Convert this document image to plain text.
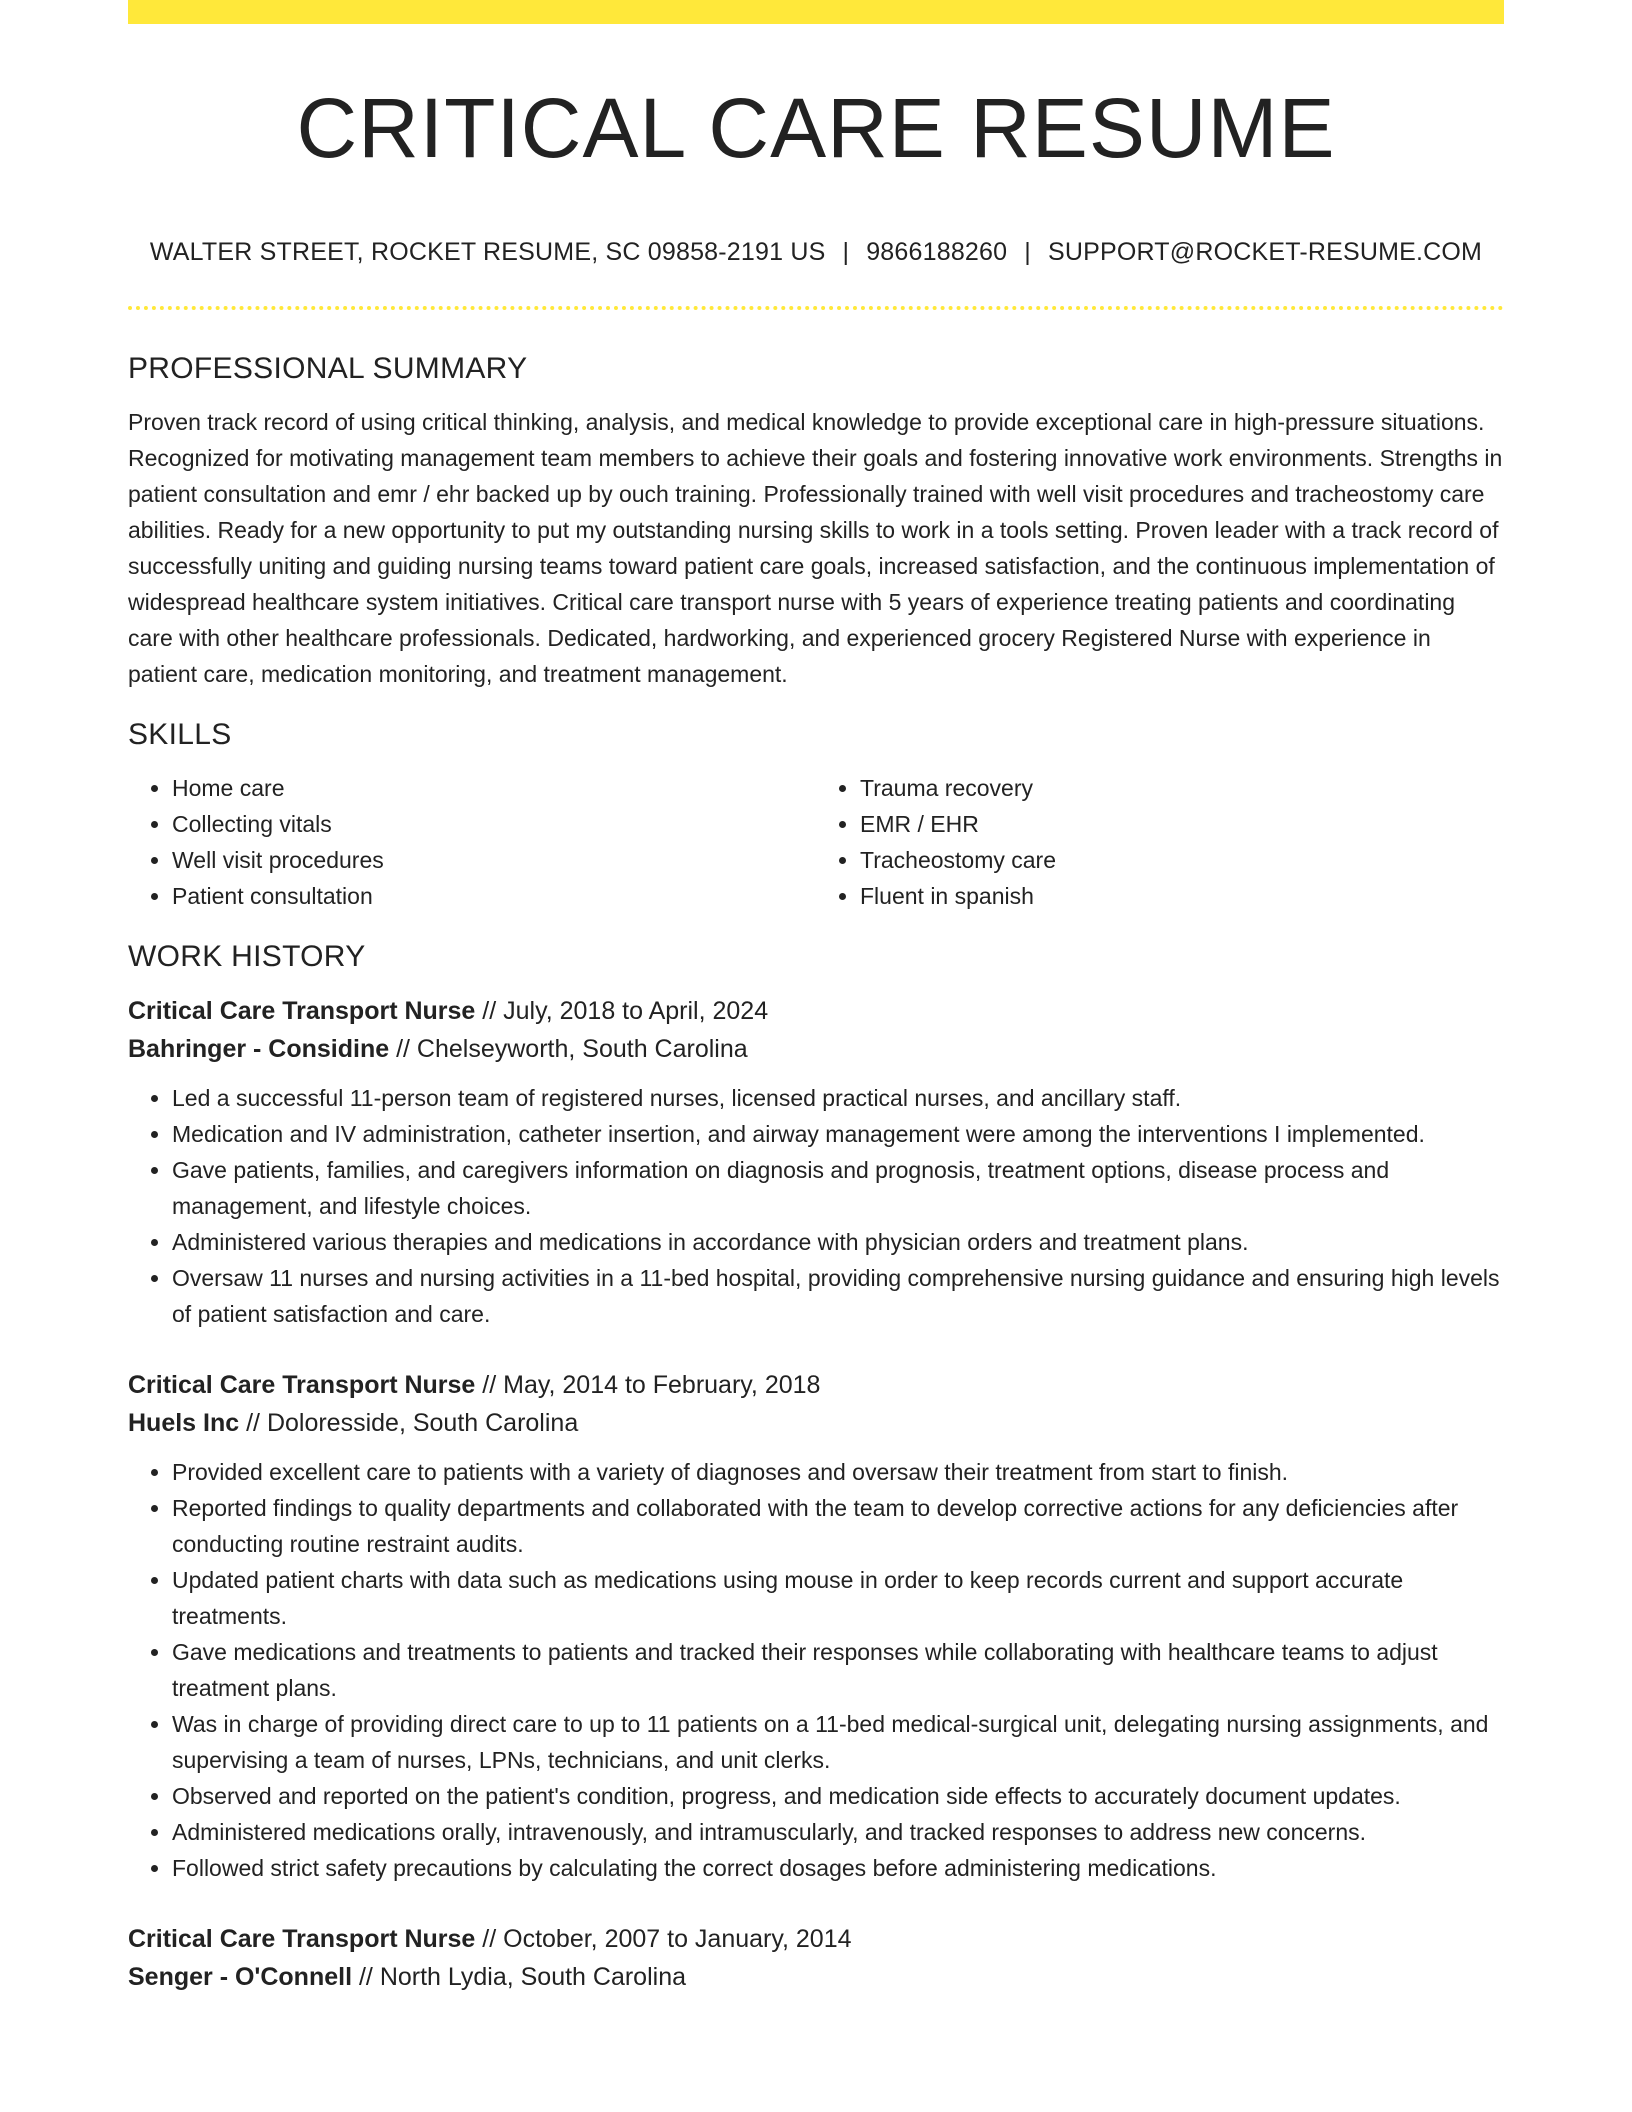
CRITICAL CARE RESUME
WALTER STREET, ROCKET RESUME, SC 09858-2191 US | 9866188260 | SUPPORT@ROCKET-RESUME.COM
PROFESSIONAL SUMMARY

Proven track record of using critical thinking, analysis, and medical knowledge to provide exceptional care in high-pressure situations. Recognized for motivating management team members to achieve their goals and fostering innovative work environments. Strengths in patient consultation and emr / ehr backed up by ouch training. Professionally trained with well visit procedures and tracheostomy care abilities. Ready for a new opportunity to put my outstanding nursing skills to work in a tools setting. Proven leader with a track record of successfully uniting and guiding nursing teams toward patient care goals, increased satisfaction, and the continuous implementation of widespread healthcare system initiatives. Critical care transport nurse with 5 years of experience treating patients and coordinating care with other healthcare professionals. Dedicated, hardworking, and experienced grocery Registered Nurse with experience in patient care, medication monitoring, and treatment management.

SKILLS
• Home care
• Collecting vitals
• Well visit procedures
• Patient consultation
• Trauma recovery
• EMR / EHR
• Tracheostomy care
• Fluent in spanish
WORK HISTORY
Critical Care Transport Nurse // July, 2018 to April, 2024
Bahringer - Considine // Chelseyworth, South Carolina
• Led a successful 11-person team of registered nurses, licensed practical nurses, and ancillary staff.
• Medication and IV administration, catheter insertion, and airway management were among the interventions I implemented.
• Gave patients, families, and caregivers information on diagnosis and prognosis, treatment options, disease process and management, and lifestyle choices.
• Administered various therapies and medications in accordance with physician orders and treatment plans.
• Oversaw 11 nurses and nursing activities in a 11-bed hospital, providing comprehensive nursing guidance and ensuring high levels of patient satisfaction and care.
Critical Care Transport Nurse // May, 2014 to February, 2018
Huels Inc // Doloresside, South Carolina
• Provided excellent care to patients with a variety of diagnoses and oversaw their treatment from start to finish.
• Reported findings to quality departments and collaborated with the team to develop corrective actions for any deficiencies after conducting routine restraint audits.
• Updated patient charts with data such as medications using mouse in order to keep records current and support accurate treatments.
• Gave medications and treatments to patients and tracked their responses while collaborating with healthcare teams to adjust treatment plans.
• Was in charge of providing direct care to up to 11 patients on a 11-bed medical-surgical unit, delegating nursing assignments, and supervising a team of nurses, LPNs, technicians, and unit clerks.
• Observed and reported on the patient's condition, progress, and medication side effects to accurately document updates.
• Administered medications orally, intravenously, and intramuscularly, and tracked responses to address new concerns.
• Followed strict safety precautions by calculating the correct dosages before administering medications.
Critical Care Transport Nurse // October, 2007 to January, 2014
Senger - O'Connell // North Lydia, South Carolina
